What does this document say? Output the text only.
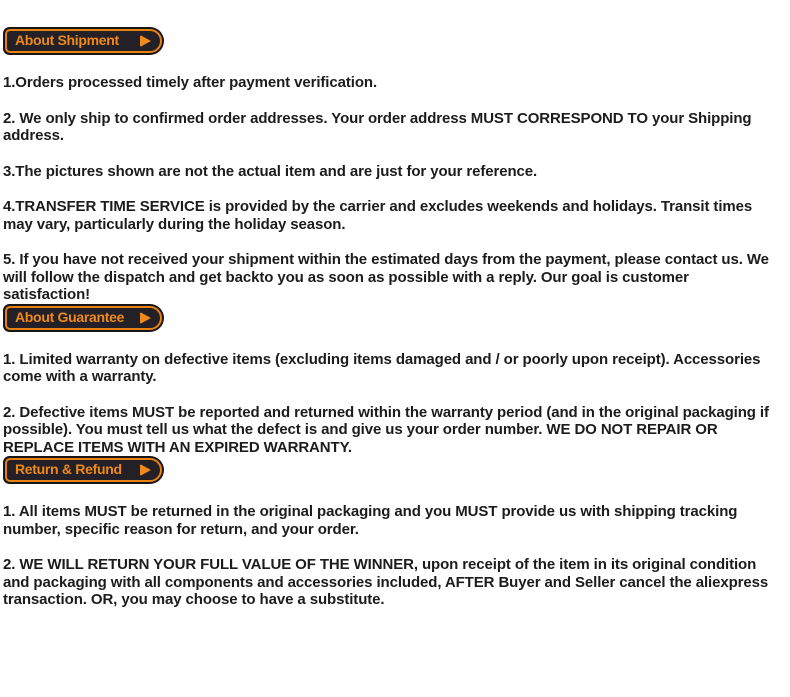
About Shipment

1.Orders processed timely after payment verification.

2. We only ship to confirmed order addresses. Your order address MUST CORRESPOND TO your Shipping address.

3.The pictures shown are not the actual item and are just for your reference.

4.TRANSFER TIME SERVICE is provided by the carrier and excludes weekends and holidays. Transit times may vary, particularly during the holiday season.

5. If you have not received your shipment within the estimated days from the payment, please contact us. We will follow the dispatch and get backto you as soon as possible with a reply. Our goal is customer satisfaction!

About Guarantee

1. Limited warranty on defective items (excluding items damaged and / or poorly upon receipt). Accessories come with a warranty.

2. Defective items MUST be reported and returned within the warranty period (and in the original packaging if possible). You must tell us what the defect is and give us your order number. WE DO NOT REPAIR OR REPLACE ITEMS WITH AN EXPIRED WARRANTY.

Return & Refund

1. All items MUST be returned in the original packaging and you MUST provide us with shipping tracking number, specific reason for return, and your order.

2. WE WILL RETURN YOUR FULL VALUE OF THE WINNER, upon receipt of the item in its original condition and packaging with all components and accessories included, AFTER Buyer and Seller cancel the aliexpress transaction. OR, you may choose to have a substitute.
